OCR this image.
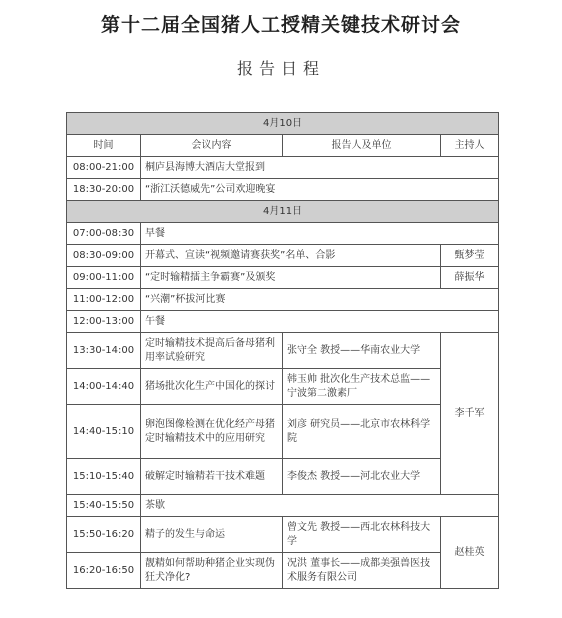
第十二届全国猪人工授精关键技术研讨会
报告日程
4月10日			
时间	会议内容	报告人及单位	主持人
08:00-21:00	桐庐县海博大酒店大堂报到		
18:30-20:00	“浙江沃德威先”公司欢迎晚宴		
4月11日			
07:00-08:30	早餐		
08:30-09:00	开幕式、宣读“视频邀请赛获奖”名单、合影		甄梦莹
09:00-11:00	“定时输精擂主争霸赛”及颁奖		薛振华
11:00-12:00	“兴潮”杯拔河比赛		
12:00-13:00	午餐		
13:30-14:00	定时输精技术提高后备母猪利用率试验研究	张守全 教授——华南农业大学	李千军
14:00-14:40	猪场批次化生产中国化的探讨	韩玉帅 批次化生产技术总监——宁波第二激素厂	
14:40-15:10	卵泡图像检测在优化经产母猪定时输精技术中的应用研究	刘彦 研究员——北京市农林科学院	
15:10-15:40	破解定时输精若干技术难题	李俊杰 教授——河北农业大学	
15:40-15:50	茶歇		
15:50-16:20	精子的发生与命运	曾文先 教授——西北农林科技大学	赵桂英
16:20-16:50	靓精如何帮助种猪企业实现伪狂犬净化?	况洪 董事长——成都美强兽医技术服务有限公司	
